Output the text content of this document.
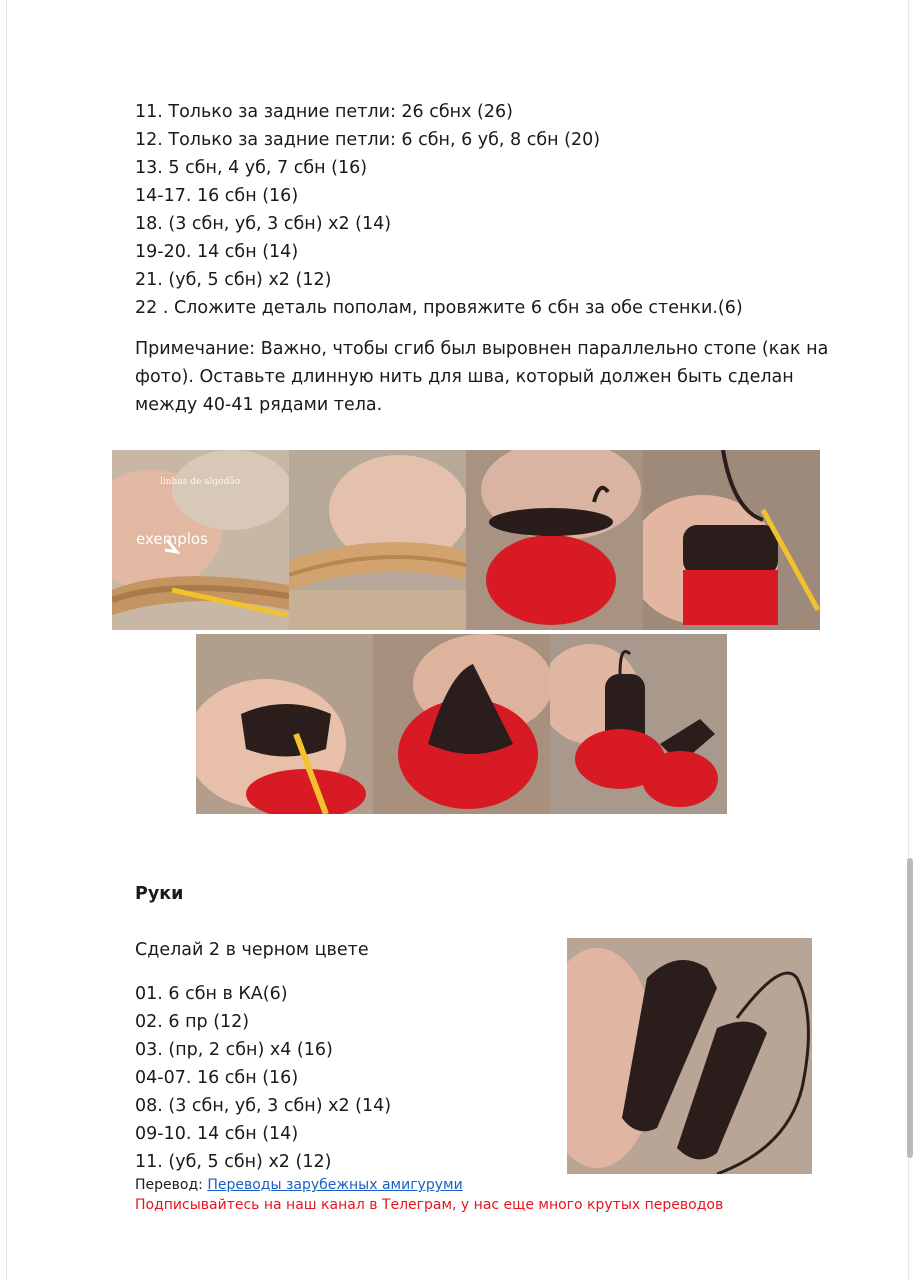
11. Только за задние петли: 26 сбнх (26)
12. Только за задние петли: 6 сбн, 6 уб, 8 сбн (20)
13. 5 сбн, 4 уб, 7 сбн (16)
14-17. 16 сбн (16)
18. (3 сбн, уб, 3 сбн) х2 (14)
19-20. 14 сбн (14)
21. (уб, 5 сбн) х2 (12)
22 . Сложите деталь пополам, провяжите 6 сбн за обе стенки.(6)
Примечание: Важно, чтобы сгиб был выровнен параллельно стопе (как на фото). Оставьте длинную нить для шва, который должен быть сделан между 40-41 рядами тела.
exemplos
linhas de algodão
Руки
Сделай 2 в черном цвете
01. 6 сбн в КА(6)
02. 6 пр (12)
03. (пр, 2 сбн) х4 (16)
04-07. 16 сбн (16)
08. (3 сбн, уб, 3 сбн) х2 (14)
09-10. 14 сбн (14)
11. (уб, 5 сбн) х2 (12)
Перевод: Переводы зарубежных амигуруми
Подписывайтесь на наш канал в Телеграм, у нас еще много крутых переводов
